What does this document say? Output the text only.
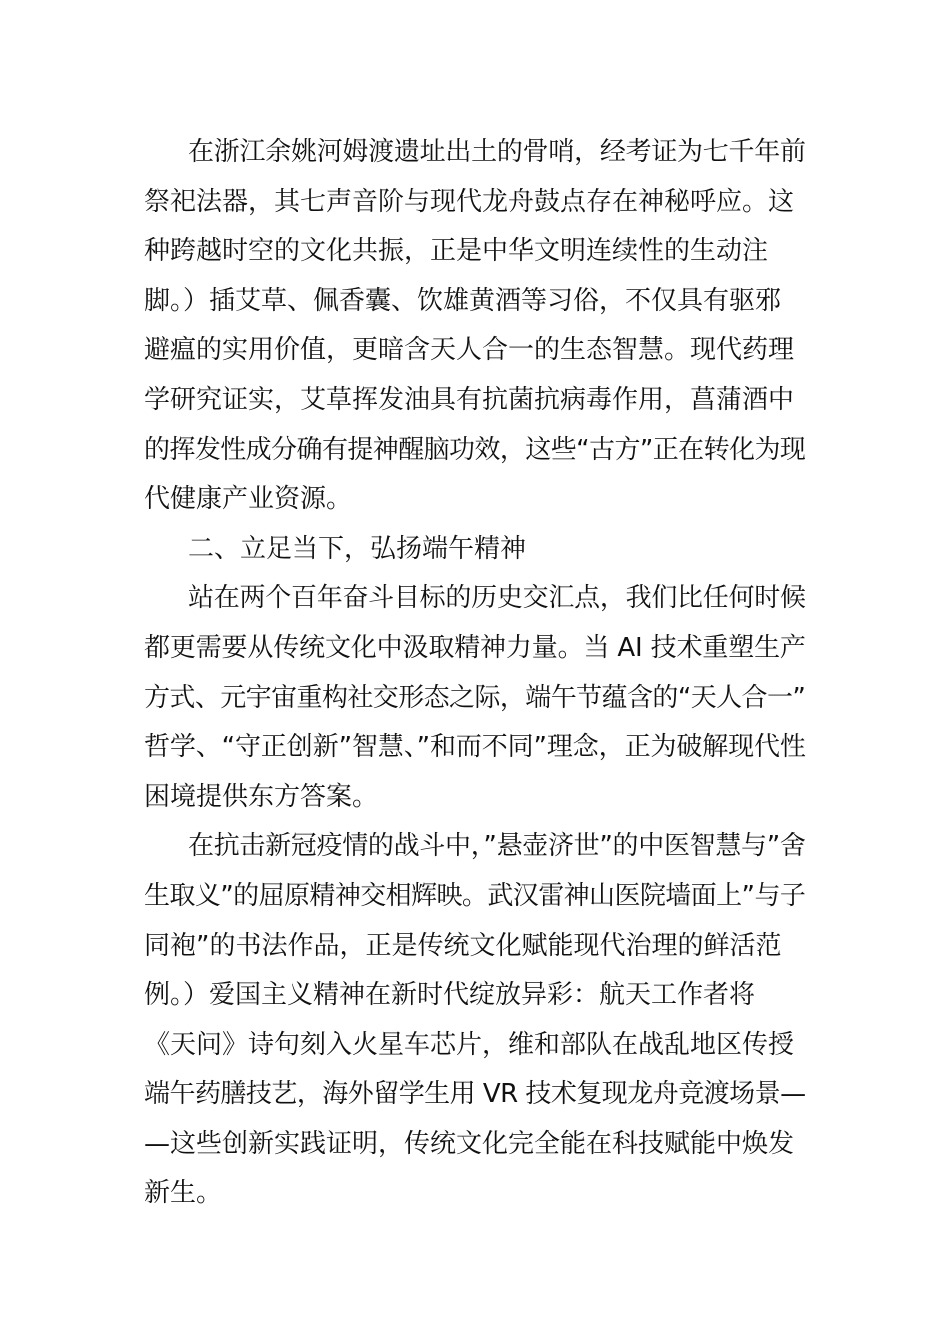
在浙江余姚河姆渡遗址出土的骨哨，经考证为七千年前
祭祀法器，其七声音阶与现代龙舟鼓点存在神秘呼应。这
种跨越时空的文化共振，正是中华文明连续性的生动注
脚。）插艾草、佩香囊、饮雄黄酒等习俗，不仅具有驱邪
避瘟的实用价值，更暗含天人合一的生态智慧。现代药理
学研究证实，艾草挥发油具有抗菌抗病毒作用，菖蒲酒中
的挥发性成分确有提神醒脑功效，这些“古方”正在转化为现
代健康产业资源。
二、立足当下，弘扬端午精神
站在两个百年奋斗目标的历史交汇点，我们比任何时候
都更需要从传统文化中汲取精神力量。当 AI 技术重塑生产
方式、元宇宙重构社交形态之际，端午节蕴含的“天人合一”
哲学、“守正创新”智慧、”和而不同”理念，正为破解现代性
困境提供东方答案。
在抗击新冠疫情的战斗中，”悬壶济世”的中医智慧与”舍
生取义”的屈原精神交相辉映。武汉雷神山医院墙面上”与子
同袍”的书法作品，正是传统文化赋能现代治理的鲜活范
例。）爱国主义精神在新时代绽放异彩：航天工作者将
《天问》诗句刻入火星车芯片，维和部队在战乱地区传授
端午药膳技艺，海外留学生用 VR 技术复现龙舟竞渡场景—
—这些创新实践证明，传统文化完全能在科技赋能中焕发
新生。
